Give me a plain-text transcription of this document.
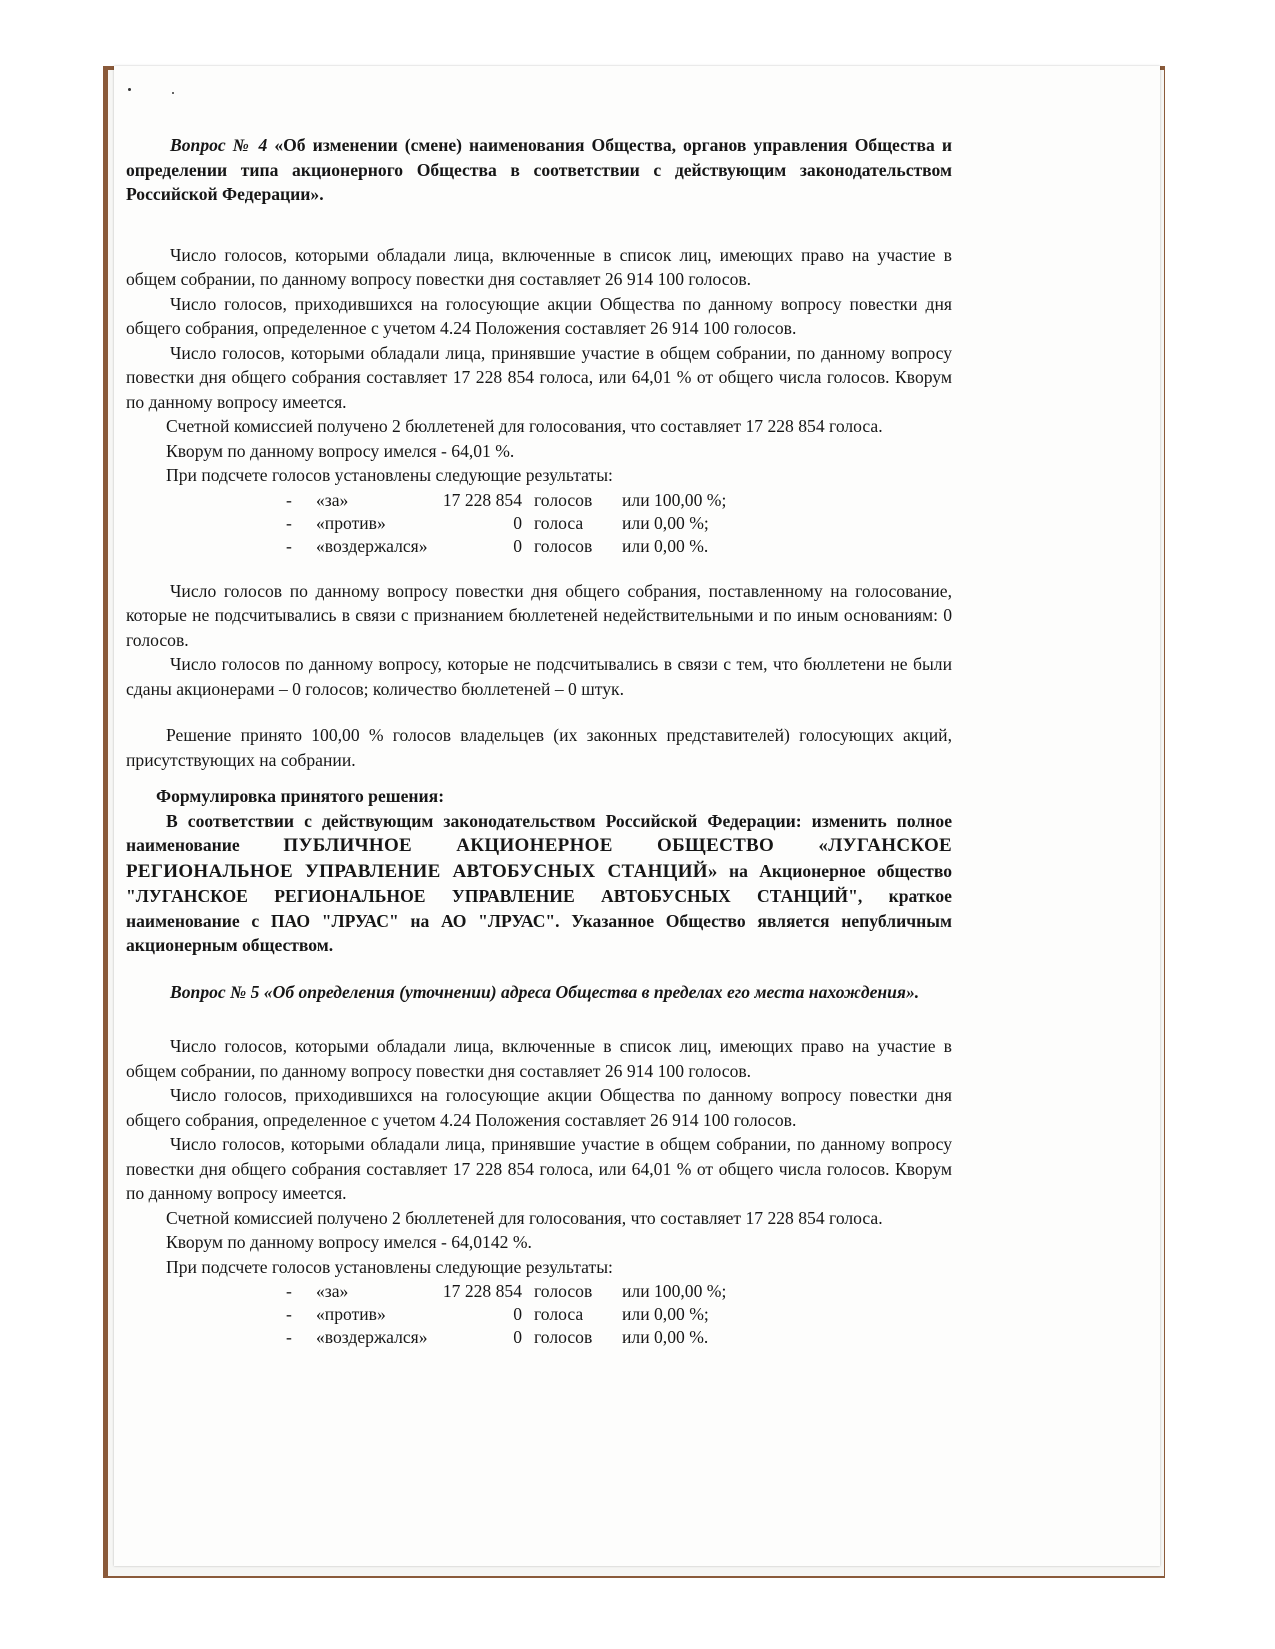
Вопрос № 4 «Об изменении (смене) наименования Общества, органов управления Общества и определении типа акционерного Общества в соответствии с действующим законодательством Российской Федерации».

Число голосов, которыми обладали лица, включенные в список лиц, имеющих право на участие в общем собрании, по данному вопросу повестки дня составляет 26 914 100 голосов.

Число голосов, приходившихся на голосующие акции Общества по данному вопросу повестки дня общего собрания, определенное с учетом 4.24 Положения составляет 26 914 100 голосов.

Число голосов, которыми обладали лица, принявшие участие в общем собрании, по данному вопросу повестки дня общего собрания составляет 17 228 854 голоса, или 64,01 % от общего числа голосов. Кворум по данному вопросу имеется.

Счетной комиссией получено 2 бюллетеней для голосования, что составляет 17 228 854 голоса.

Кворум по данному вопросу имелся - 64,01 %.

При подсчете голосов установлены следующие результаты:

-	«за»	17 228 854 голосов	или 100,00 %;
-	«против»	0 голоса	или 0,00 %;
-	«воздержался»	0 голосов	или 0,00 %.

Число голосов по данному вопросу повестки дня общего собрания, поставленному на голосование, которые не подсчитывались в связи с признанием бюллетеней недействительными и по иным основаниям: 0 голосов.

Число голосов по данному вопросу, которые не подсчитывались в связи с тем, что бюллетени не были сданы акционерами – 0 голосов; количество бюллетеней – 0 штук.

Решение принято 100,00 % голосов владельцев (их законных представителей) голосующих акций, присутствующих на собрании.

Формулировка принятого решения:

В соответствии с действующим законодательством Российской Федерации: изменить полное наименование ПУБЛИЧНОЕ АКЦИОНЕРНОЕ ОБЩЕСТВО «ЛУГАНСКОЕ РЕГИОНАЛЬНОЕ УПРАВЛЕНИЕ АВТОБУСНЫХ СТАНЦИЙ» на Акционерное общество "ЛУГАНСКОЕ РЕГИОНАЛЬНОЕ УПРАВЛЕНИЕ АВТОБУСНЫХ СТАНЦИЙ", краткое наименование с ПАО "ЛРУАС" на АО "ЛРУАС". Указанное Общество является непубличным акционерным обществом.

Вопрос № 5 «Об определения (уточнении) адреса Общества в пределах его места нахождения».

Число голосов, которыми обладали лица, включенные в список лиц, имеющих право на участие в общем собрании, по данному вопросу повестки дня составляет 26 914 100 голосов.

Число голосов, приходившихся на голосующие акции Общества по данному вопросу повестки дня общего собрания, определенное с учетом 4.24 Положения составляет 26 914 100 голосов.

Число голосов, которыми обладали лица, принявшие участие в общем собрании, по данному вопросу повестки дня общего собрания составляет 17 228 854 голоса, или 64,01 % от общего числа голосов. Кворум по данному вопросу имеется.

Счетной комиссией получено 2 бюллетеней для голосования, что составляет 17 228 854 голоса.

Кворум по данному вопросу имелся - 64,0142 %.

При подсчете голосов установлены следующие результаты:

-	«за»	17 228 854 голосов	или 100,00 %;
-	«против»	0 голоса	или 0,00 %;
-	«воздержался»	0 голосов	или 0,00 %.
